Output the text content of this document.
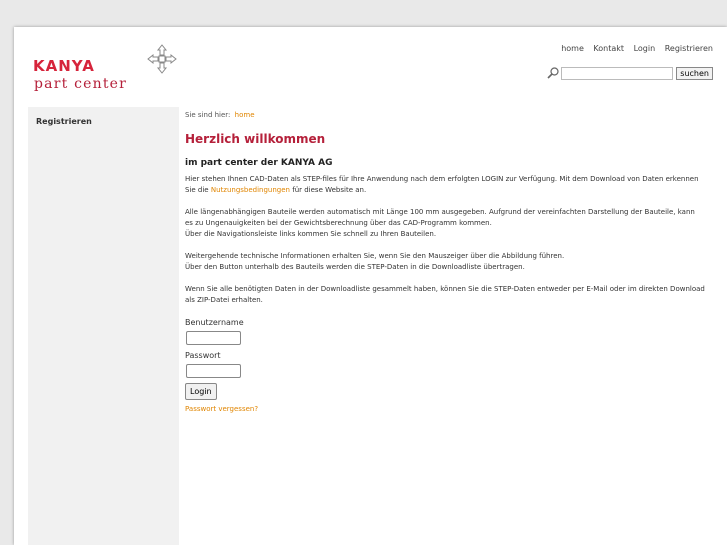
KANYA
part center
home Kontakt Login Registrieren
suchen
Registrieren
Sie sind hier: home
Herzlich willkommen
im part center der KANYA AG

Hier stehen Ihnen CAD-Daten als STEP-files für Ihre Anwendung nach dem erfolgten LOGIN zur Verfügung. Mit dem Download von Daten erkennen Sie die Nutzungsbedingungen für diese Website an.

Alle längenabhängigen Bauteile werden automatisch mit Länge 100 mm ausgegeben. Aufgrund der vereinfachten Darstellung der Bauteile, kann es zu Ungenauigkeiten bei der Gewichtsberechnung über das CAD-Programm kommen.
Über die Navigationsleiste links kommen Sie schnell zu Ihren Bauteilen.

Weitergehende technische Informationen erhalten Sie, wenn Sie den Mauszeiger über die Abbildung führen.
Über den Button unterhalb des Bauteils werden die STEP-Daten in die Downloadliste übertragen.

Wenn Sie alle benötigten Daten in der Downloadliste gesammelt haben, können Sie die STEP-Daten entweder per E-Mail oder im direkten Download als ZIP-Datei erhalten.

Benutzername
Passwort
Login
Passwort vergessen?
